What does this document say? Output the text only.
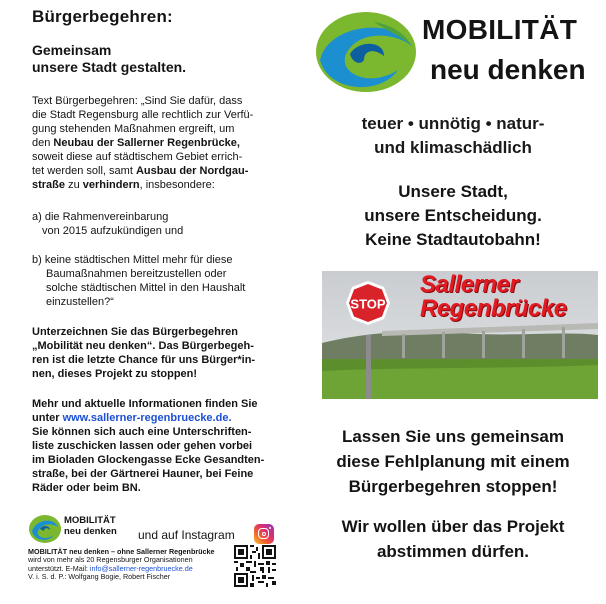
Bürgerbegehren:
Gemeinsam
unsere Stadt gestalten.
Text Bürgerbegehren: „Sind Sie dafür, dass
die Stadt Regensburg alle rechtlich zur Verfü-
gung stehenden Maßnahmen ergreift, um
den Neubau der Sallerner Regenbrücke,
soweit diese auf städtischem Gebiet errich-
tet werden soll, samt Ausbau der Nordgau-
straße zu verhindern, insbesondere:
a) die Rahmenvereinbarung
von 2015 aufzukündigen und
b) keine städtischen Mittel mehr für diese
Baumaßnahmen bereitzustellen oder
solche städtischen Mittel in den Haushalt
einzustellen?“
Unterzeichnen Sie das Bürgerbegehren
„Mobilität neu denken“. Das Bürgerbegeh-
ren ist die letzte Chance für uns Bürger*in-
nen, dieses Projekt zu stoppen!
Mehr und aktuelle Informationen finden Sie
unter www.sallerner-regenbruecke.de.
Sie können sich auch eine Unterschriften-
liste zuschicken lassen oder gehen vorbei
im Bioladen Glockengasse Ecke Gesandten-
straße, bei der Gärtnerei Hauner, bei Feine
Räder oder beim BN.
MOBILITÄT
neu denken und auf Instagram
MOBILITÄT neu denken – ohne Sallerner Regenbrücke
wird von mehr als 20 Regensburger Organisationen
unterstützt. E-Mail: info@sallerner-regenbruecke.de
V. i. S. d. P.: Wolfgang Bogie, Robert Fischer
MOBILITÄT
neu denken
teuer • unnötig • natur-
und klimaschädlich
Unsere Stadt,
unsere Entscheidung.
Keine Stadtautobahn!
STOP
Sallerner
Regenbrücke
Lassen Sie uns gemeinsam
diese Fehlplanung mit einem
Bürgerbegehren stoppen!
Wir wollen über das Projekt
abstimmen dürfen.
